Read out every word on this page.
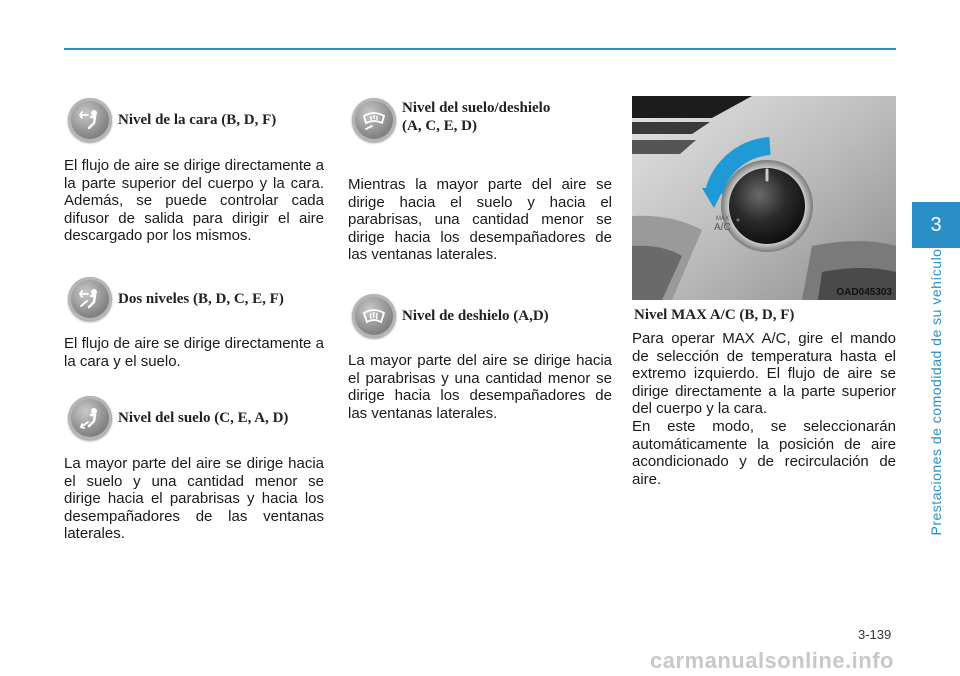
Nivel de la cara (B, D, F)

El flujo de aire se dirige directamente a la parte superior del cuerpo y la cara. Además, se puede controlar cada difusor de salida para dirigir el aire descargado por los mismos.

Dos niveles (B, D, C, E, F)

El flujo de aire se dirige directamente a la cara y el suelo.

Nivel del suelo (C, E, A, D)

La mayor parte del aire se dirige hacia el suelo y una cantidad menor se dirige hacia el parabrisas y hacia los desempañadores de las ventanas laterales.

Nivel del suelo/deshielo
(A, C, E, D)

Mientras la mayor parte del aire se dirige hacia el suelo y hacia el parabrisas, una cantidad menor se dirige hacia los desempañadores de las ventanas laterales.

Nivel de deshielo (A,D)

La mayor parte del aire se dirige hacia el parabrisas y una cantidad menor se dirige hacia los desempañadores de las ventanas laterales.

MAX
A/C
OAD045303
Nivel MAX A/C (B, D, F)

Para operar MAX A/C, gire el mando de selección de temperatura hasta el extremo izquierdo. El flujo de aire se dirige directamente a la parte superior del cuerpo y la cara.

En este modo, se seleccionarán automáticamente la posición de aire acondicionado y de recirculación de aire.

3
Prestaciones de comodidad de su vehículo
3-139
carmanualsonline.info
